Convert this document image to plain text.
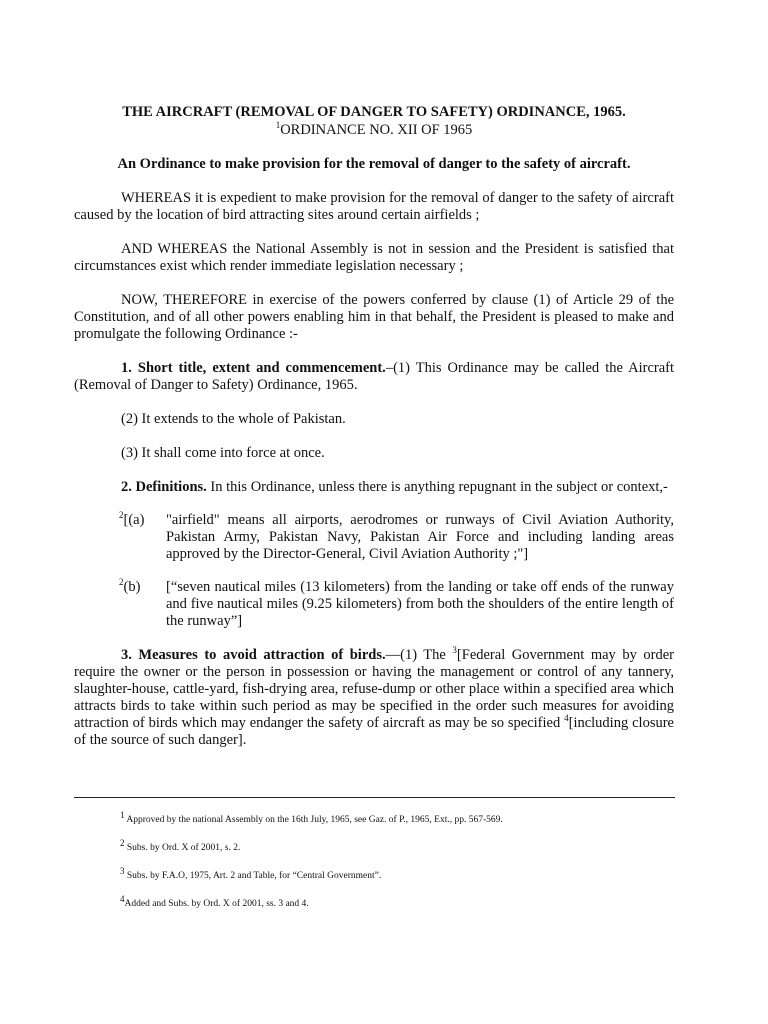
THE AIRCRAFT (REMOVAL OF DANGER TO SAFETY) ORDINANCE, 1965.

$^1$ORDINANCE NO. XII OF 1965

An Ordinance to make provision for the removal of danger to the safety of aircraft.

WHEREAS it is expedient to make provision for the removal of danger to the safety of aircraft caused by the location of bird attracting sites around certain airfields ;

AND WHEREAS the National Assembly is not in session and the President is satisfied that circumstances exist which render immediate legislation necessary ;

NOW, THEREFORE in exercise of the powers conferred by clause (1) of Article 29 of the Constitution, and of all other powers enabling him in that behalf, the President is pleased to make and promulgate the following Ordinance :-

1. Short title, extent and commencement.–(1) This Ordinance may be called the Aircraft (Removal of Danger to Safety) Ordinance, 1965.

(2) It extends to the whole of Pakistan.

(3) It shall come into force at once.

2. Definitions. In this Ordinance, unless there is anything repugnant in the subject or context,-

$^2$[(a)	"airfield" means all airports, aerodromes or runways of Civil Aviation Authority, Pakistan Army, Pakistan Navy, Pakistan Air Force and including landing areas approved by the Director-General, Civil Aviation Authority ;"]
$^2$(b)	[“seven nautical miles (13 kilometers) from the landing or take off ends of the runway and five nautical miles (9.25 kilometers) from both the shoulders of the entire length of the runway”]

3. Measures to avoid attraction of birds.—(1) The $^3$[Federal Government may by order require the owner or the person in possession or having the management or control of any tannery, slaughter-house, cattle-yard, fish-drying area, refuse-dump or other place within a specified area which attracts birds to take within such period as may be specified in the order such measures for avoiding attraction of birds which may endanger the safety of aircraft as may be so specified $^4$[including closure of the source of such danger].

$^1$ Approved by the national Assembly on the 16th July, 1965, see Gaz. of P., 1965, Ext., pp. 567-569.
$^2$ Subs. by Ord. X of 2001, s. 2.
$^3$ Subs. by F.A.O, 1975, Art. 2 and Table, for “Central Government”.
$^4$Added and Subs. by Ord. X of 2001, ss. 3 and 4.
